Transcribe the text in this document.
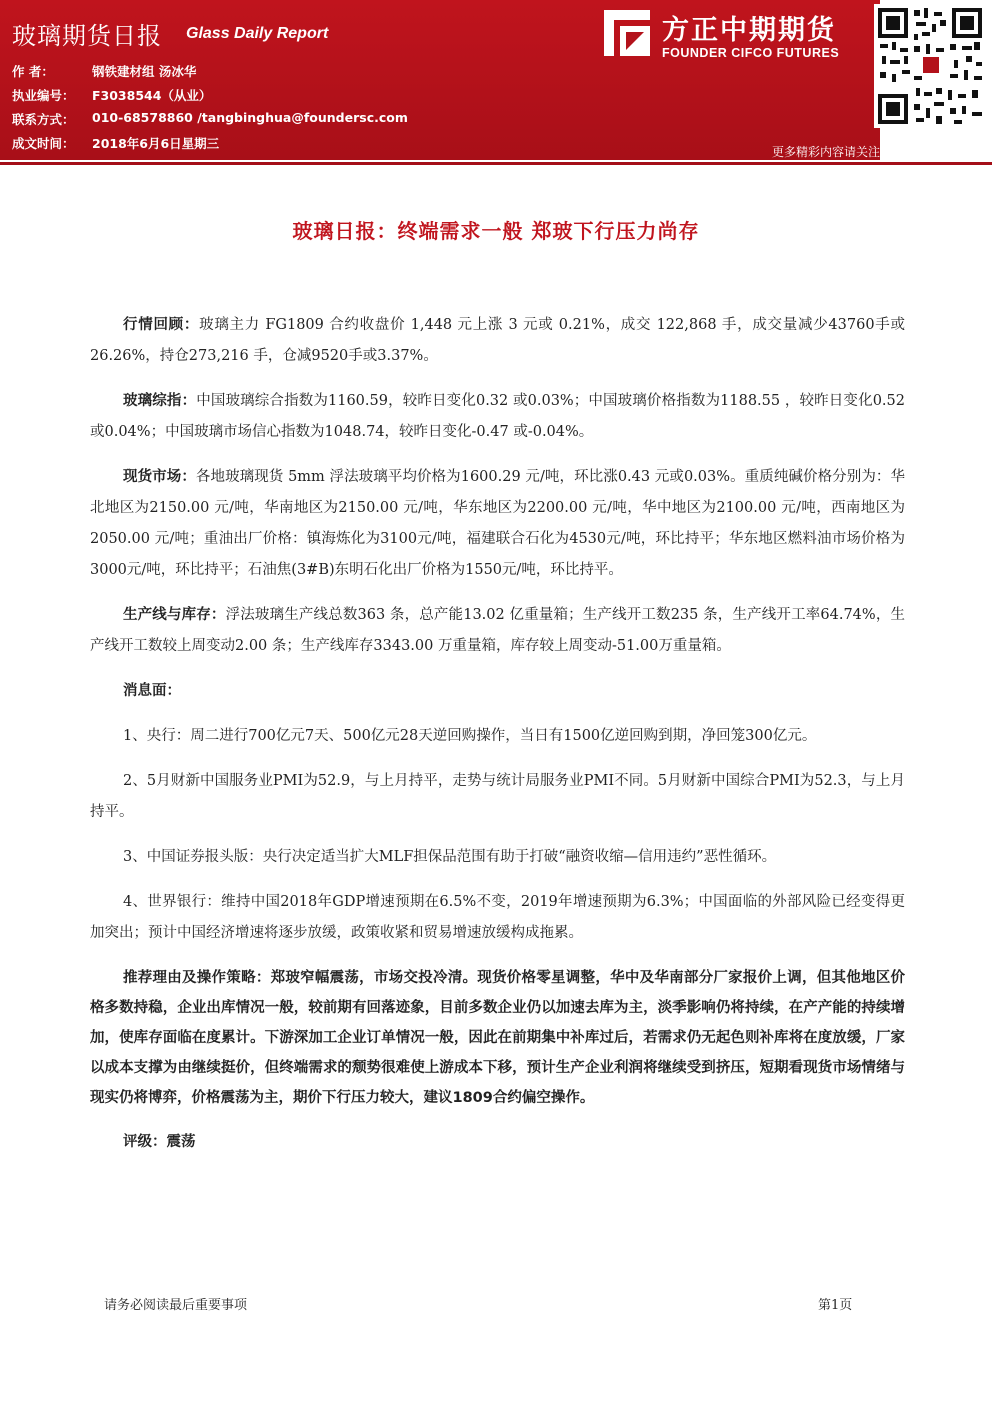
玻璃期货日报 Glass Daily Report
作 者：	钢铁建材组 汤冰华
执业编号：	F3038544（从业）
联系方式：	010-68578860 /tangbinghua@foundersc.com
成文时间：	2018年6月6日星期三
方正中期期货
FOUNDER CIFCO FUTURES
更多精彩内容请关注方正中期官方微信
玻璃日报：终端需求一般 郑玻下行压力尚存

行情回顾：玻璃主力 FG1809 合约收盘价 1,448 元上涨 3 元或 0.21%，成交 122,868 手，成交量减少43760手或26.26%，持仓273,216 手，仓减9520手或3.37%。

玻璃综指：中国玻璃综合指数为1160.59，较昨日变化0.32 或0.03%；中国玻璃价格指数为1188.55 ，较昨日变化0.52 或0.04%；中国玻璃市场信心指数为1048.74，较昨日变化-0.47 或-0.04%。

现货市场：各地玻璃现货 5mm 浮法玻璃平均价格为1600.29 元/吨，环比涨0.43 元或0.03%。重质纯碱价格分别为：华北地区为2150.00 元/吨，华南地区为2150.00 元/吨，华东地区为2200.00 元/吨，华中地区为2100.00 元/吨，西南地区为2050.00 元/吨；重油出厂价格：镇海炼化为3100元/吨，福建联合石化为4530元/吨，环比持平；华东地区燃料油市场价格为3000元/吨，环比持平；石油焦(3#B)东明石化出厂价格为1550元/吨，环比持平。

生产线与库存：浮法玻璃生产线总数363 条，总产能13.02 亿重量箱；生产线开工数235 条，生产线开工率64.74%，生产线开工数较上周变动2.00 条；生产线库存3343.00 万重量箱，库存较上周变动-51.00万重量箱。

消息面：

1、央行：周二进行700亿元7天、500亿元28天逆回购操作，当日有1500亿逆回购到期，净回笼300亿元。

2、5月财新中国服务业PMI为52.9，与上月持平，走势与统计局服务业PMI不同。5月财新中国综合PMI为52.3，与上月持平。

3、中国证券报头版：央行决定适当扩大MLF担保品范围有助于打破“融资收缩—信用违约”恶性循环。

4、世界银行：维持中国2018年GDP增速预期在6.5%不变，2019年增速预期为6.3%；中国面临的外部风险已经变得更加突出；预计中国经济增速将逐步放缓，政策收紧和贸易增速放缓构成拖累。

推荐理由及操作策略：郑玻窄幅震荡，市场交投冷清。现货价格零星调整，华中及华南部分厂家报价上调，但其他地区价格多数持稳，企业出库情况一般，较前期有回落迹象，目前多数企业仍以加速去库为主，淡季影响仍将持续，在产产能的持续增加，使库存面临在度累计。下游深加工企业订单情况一般，因此在前期集中补库过后，若需求仍无起色则补库将在度放缓，厂家以成本支撑为由继续挺价，但终端需求的颓势很难使上游成本下移，预计生产企业利润将继续受到挤压，短期看现货市场情绪与现实仍将博弈，价格震荡为主，期价下行压力较大，建议1809合约偏空操作。

评级：震荡

请务必阅读最后重要事项	第1页
